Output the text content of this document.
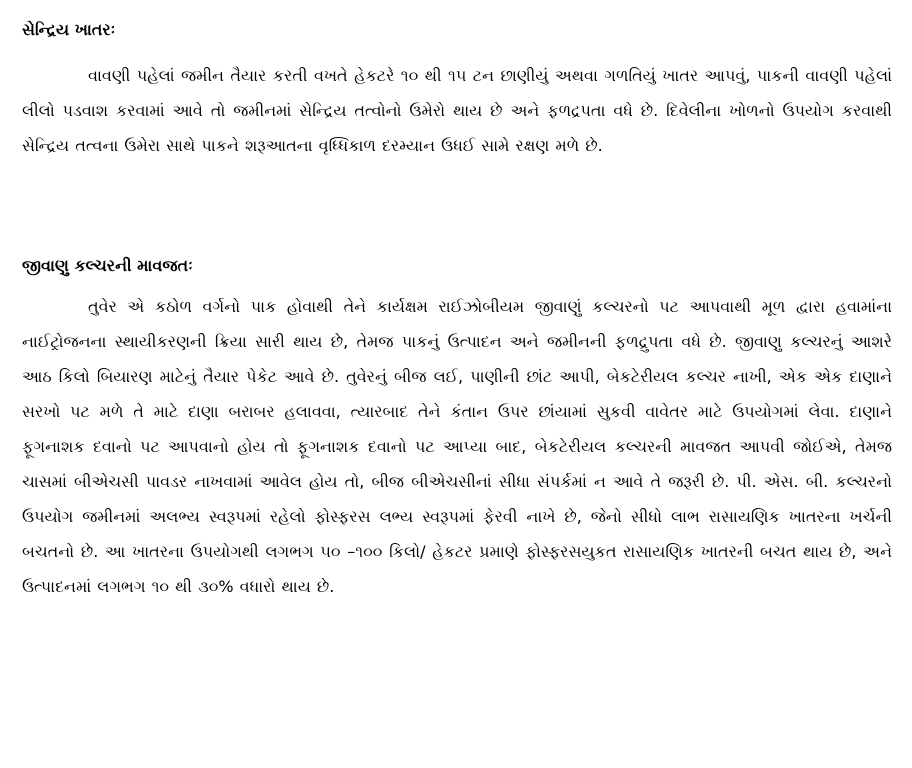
સેન્દ્રિય ખાતરઃ

વાવણી પહેલાં જમીન તૈયાર કરતી વખતે હેકટરે ૧૦ થી ૧૫ ટન છાણીયું અથવા ગળતિયું ખાતર આપવું, પાકની વાવણી પહેલાં લીલો પડવાશ કરવામાં આવે તો જમીનમાં સેન્દ્રિય તત્વોનો ઉમેરો થાય છે અને ફળદ્રપતા વધે છે. દિવેલીના ખોળનો ઉપયોગ કરવાથી સેન્દ્રિય તત્વના ઉમેરા સાથે પાકને શરૂઆતના વૃધ્ધિકાળ દરમ્યાન ઉધઈ સામે રક્ષણ મળે છે.

જીવાણુ કલ્ચરની માવજતઃ

તુવેર એ કઠોળ વર્ગનો પાક હોવાથી તેને કાર્યક્ષમ રાઈઝોબીયમ જીવાણું કલ્ચરનો પટ આપવાથી મૂળ દ્વારા હવામાંના નાઈટ્રોજનના સ્થાયીકરણની ક્રિયા સારી થાય છે, તેમજ પાકનું ઉત્પાદન અને જમીનની ફળદ્રુપતા વધે છે. જીવાણુ કલ્ચરનું આશરે આઠ કિલો બિયારણ માટેનું તૈયાર પેકેટ આવે છે. તુવેરનું બીજ લઈ, પાણીની છાંટ આપી, બેકટેરીયલ કલ્ચર નાખી, એક એક દાણાને સરખો પટ મળે તે માટે દાણા બરાબર હલાવવા, ત્યારબાદ તેને કંતાન ઉપર છાંયામાં સુકવી વાવેતર માટે ઉપયોગમાં લેવા. દાણાને ફૂગનાશક દવાનો પટ આપવાનો હોય તો ફૂગનાશક દવાનો પટ આપ્યા બાદ, બેકટેરીયલ કલ્ચરની માવજત આપવી જોઈએ, તેમજ ચાસમાં બીએચસી પાવડર નાખવામાં આવેલ હોય તો, બીજ બીએચસીનાં સીધા સંપર્કમાં ન આવે તે જરૂરી છે. પી. એસ. બી. કલ્ચરનો ઉપયોગ જમીનમાં અલભ્ય સ્વરૂપમાં રહેલો ફોસ્ફરસ લભ્ય સ્વરૂપમાં ફેરવી નાખે છે, જેનો સીધો લાભ રાસાયણિક ખાતરના ખર્ચની બચતનો છે. આ ખાતરના ઉપયોગથી લગભગ ૫૦ –૧૦૦ કિલો/ હેકટર પ્રમાણે ફોસ્ફરસયુકત રાસાયણિક ખાતરની બચત થાય છે, અને ઉત્પાદનમાં લગભગ ૧૦ થી ૩૦% વધારો થાય છે.
